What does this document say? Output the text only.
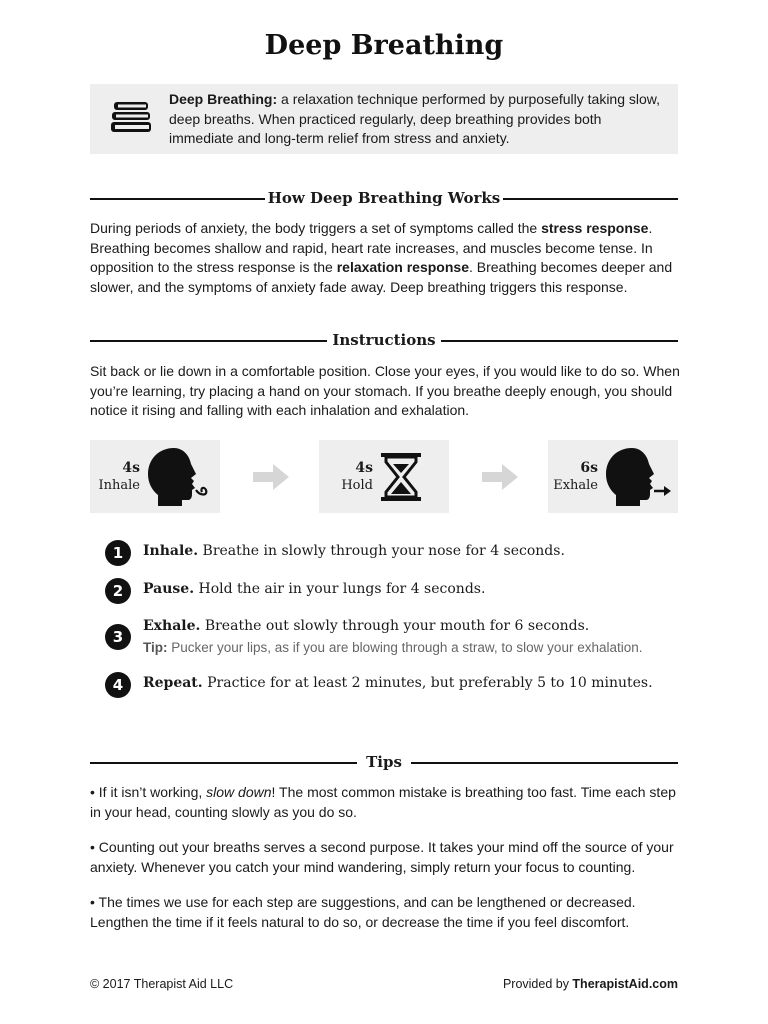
Deep Breathing
Deep Breathing: a relaxation technique performed by purposefully taking slow, deep breaths. When practiced regularly, deep breathing provides both immediate and long-term relief from stress and anxiety.
How Deep Breathing Works
During periods of anxiety, the body triggers a set of symptoms called the stress response. Breathing becomes shallow and rapid, heart rate increases, and muscles become tense. In opposition to the stress response is the relaxation response. Breathing becomes deeper and slower, and the symptoms of anxiety fade away. Deep breathing triggers this response.
Instructions
Sit back or lie down in a comfortable position. Close your eyes, if you would like to do so. When you’re learning, try placing a hand on your stomach. If you breathe deeply enough, you should notice it rising and falling with each inhalation and exhalation.
4s
Inhale
4s
Hold
6s
Exhale
1	Inhale. Breathe in slowly through your nose for 4 seconds.
2	Pause. Hold the air in your lungs for 4 seconds.
3
Exhale. Breathe out slowly through your mouth for 6 seconds.
Tip: Pucker your lips, as if you are blowing through a straw, to slow your exhalation.
4	Repeat. Practice for at least 2 minutes, but preferably 5 to 10 minutes.
Tips
• If it isn’t working, slow down! The most common mistake is breathing too fast. Time each step in your head, counting slowly as you do so.
• Counting out your breaths serves a second purpose. It takes your mind off the source of your anxiety. Whenever you catch your mind wandering, simply return your focus to counting.
• The times we use for each step are suggestions, and can be lengthened or decreased. Lengthen the time if it feels natural to do so, or decrease the time if you feel discomfort.
© 2017 Therapist Aid LLC	Provided by TherapistAid.com
